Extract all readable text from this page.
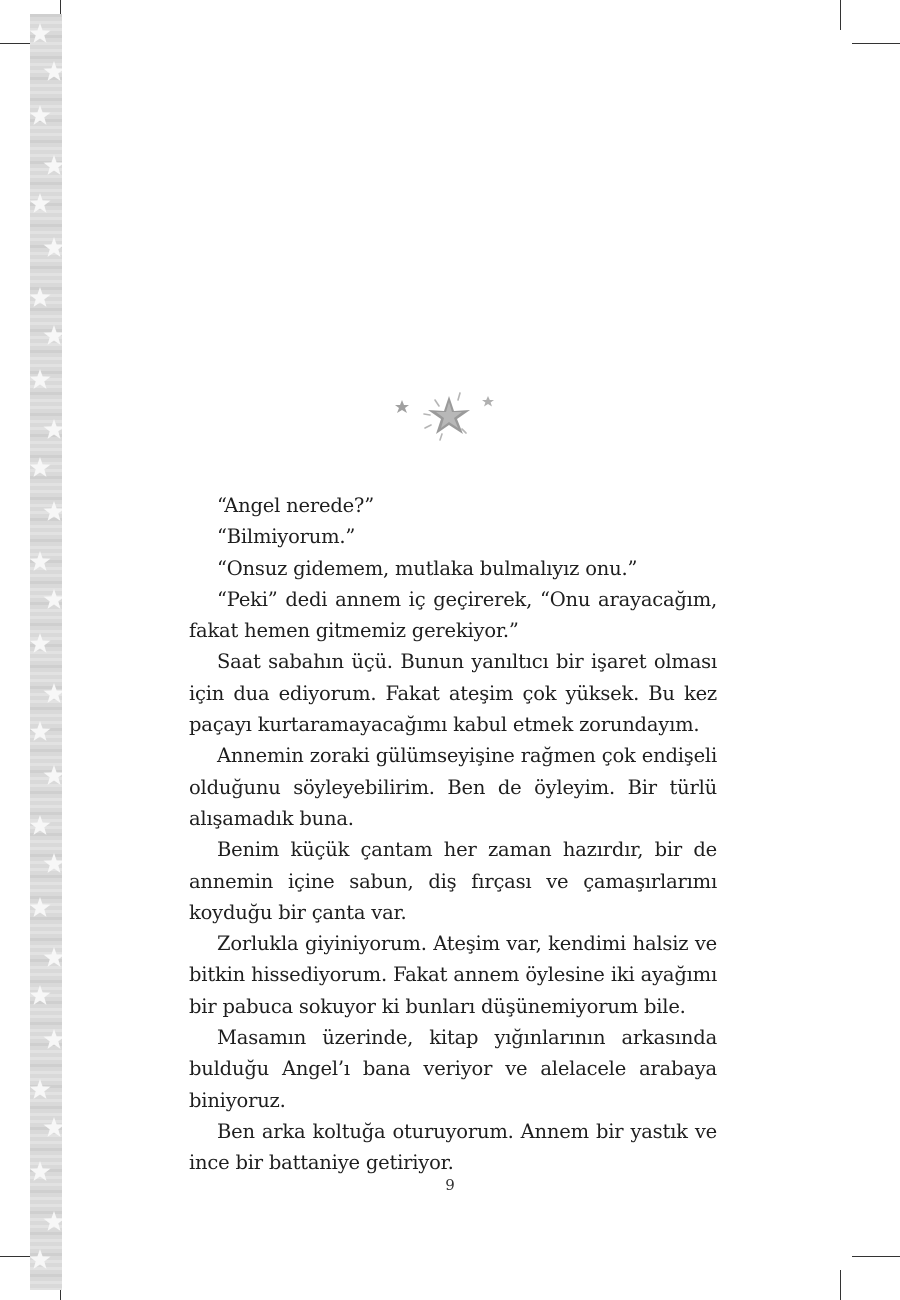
“Angel nerede?”

“Bilmiyorum.”

“Onsuz gidemem, mutlaka bulmalıyız onu.”

“Peki” dedi annem iç geçirerek, “Onu arayacağım, fakat hemen gitmemiz gerekiyor.”

Saat sabahın üçü. Bunun yanıltıcı bir işaret olması için dua ediyorum. Fakat ateşim çok yüksek. Bu kez paçayı kurtaramayacağımı kabul etmek zorundayım.

Annemin zoraki gülümseyişine rağmen çok endişeli olduğunu söyleyebilirim. Ben de öyleyim. Bir türlü alışamadık buna.

Benim küçük çantam her zaman hazırdır, bir de annemin içine sabun, diş fırçası ve çamaşırlarımı koyduğu bir çanta var.

Zorlukla giyiniyorum. Ateşim var, kendimi halsiz ve bitkin hissediyorum. Fakat annem öylesine iki ayağımı bir pabuca sokuyor ki bunları düşünemiyorum bile.

Masamın üzerinde, kitap yığınlarının arkasında bulduğu Angel’ı bana veriyor ve alelacele arabaya biniyoruz.

Ben arka koltuğa oturuyorum. Annem bir yastık ve ince bir battaniye getiriyor.

9
